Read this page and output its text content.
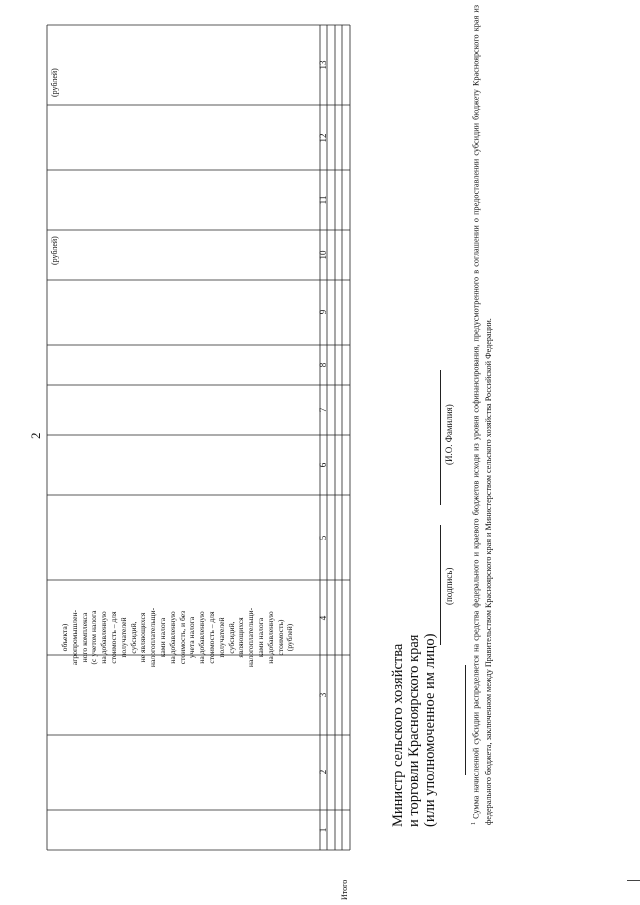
2
(рублей)
(рублей)
объекта) агропромышлен- ного комплекса (с учетом налога на добавленную стоимость – для получателей субсидий, не являющихся налогоплательщи- ками налога на добавленную стоимость, и без учета налога на добавленную стоимость – для получателей субсидий, являющихся налогоплательщи- ками налога на добавленную стоимость) (рублей)
1
2
3
4
5
6
7
8
9
10
11
12
13
Итого
Министр сельского хозяйства и торговли Красноярского края (или уполномоченное им лицо)
(подпись)
(И.О. Фамилия)
$^1$ Сумма начисленной субсидии распределяется на средства федерального и краевого бюджетов исходя из уровня софинансирования, предусмотренного в соглашении о предоставлении субсидии бюджету Красноярского края из федерального бюджета, заключенном между Правительством Красноярского края и Министерством сельского хозяйства Российской Федерации.
